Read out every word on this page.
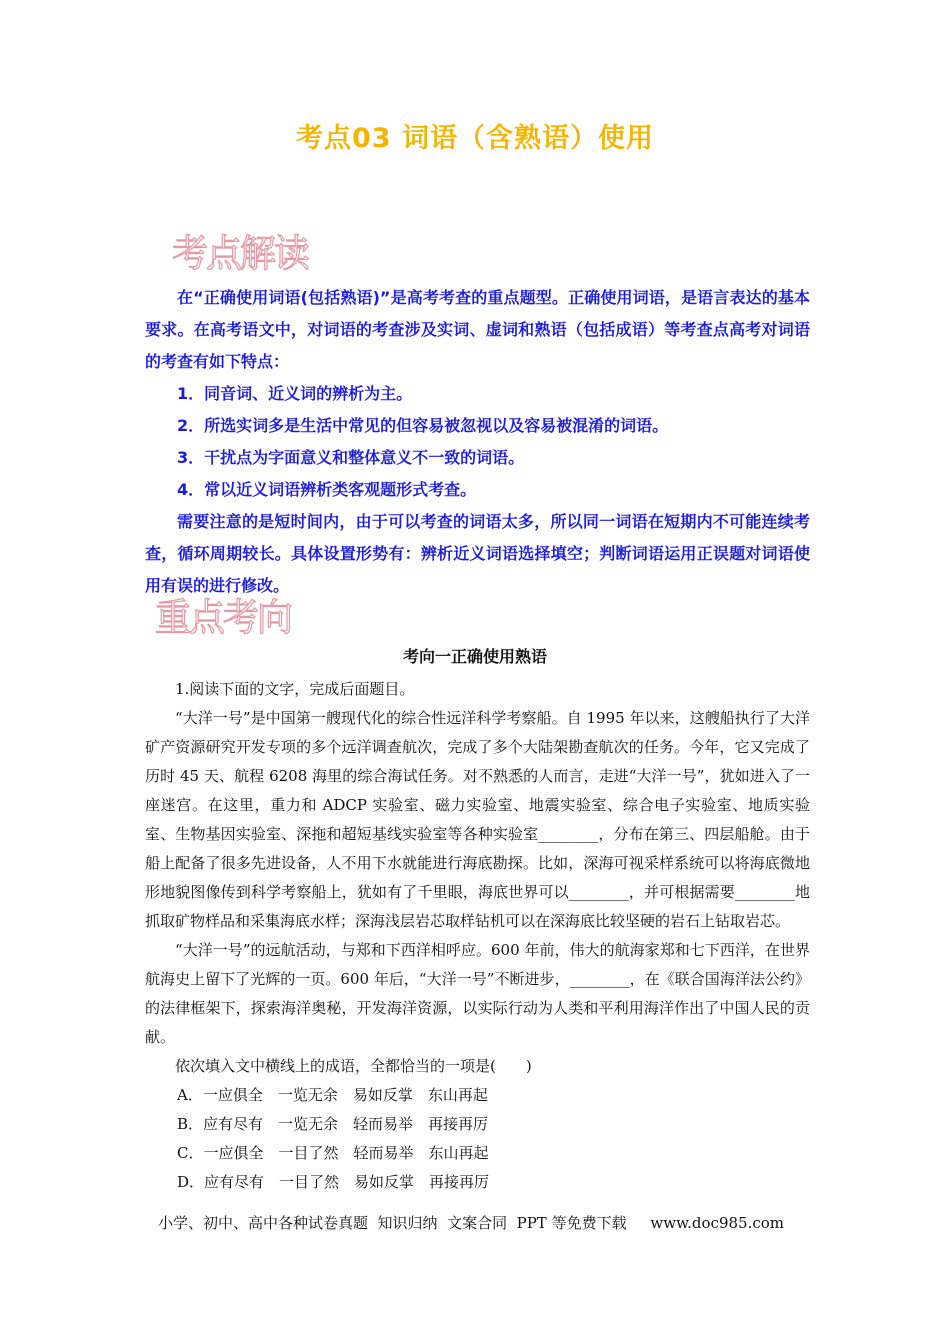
考点03 词语（含熟语）使用
考点解读

在“正确使用词语(包括熟语)”是高考考查的重点题型。正确使用词语，是语言表达的基本要求。在高考语文中，对词语的考查涉及实词、虚词和熟语（包括成语）等考查点高考对词语的考查有如下特点：

1．同音词、近义词的辨析为主。
2．所选实词多是生活中常见的但容易被忽视以及容易被混淆的词语。
3．干扰点为字面意义和整体意义不一致的词语。
4．常以近义词语辨析类客观题形式考查。

需要注意的是短时间内，由于可以考查的词语太多，所以同一词语在短期内不可能连续考查，循环周期较长。具体设置形势有：辨析近义词语选择填空；判断词语运用正误题对词语使用有误的进行修改。

重点考向
考向一正确使用熟语

1.阅读下面的文字，完成后面题目。

“大洋一号”是中国第一艘现代化的综合性远洋科学考察船。自 1995 年以来，这艘船执行了大洋矿产资源研究开发专项的多个远洋调查航次，完成了多个大陆架勘查航次的任务。今年，它又完成了历时 45 天、航程 6208 海里的综合海试任务。对不熟悉的人而言，走进“大洋一号”，犹如进入了一座迷宫。在这里，重力和 ADCP 实验室、磁力实验室、地震实验室、综合电子实验室、地质实验室、生物基因实验室、深拖和超短基线实验室等各种实验室________，分布在第三、四层船舱。由于船上配备了很多先进设备，人不用下水就能进行海底勘探。比如，深海可视采样系统可以将海底微地形地貌图像传到科学考察船上，犹如有了千里眼，海底世界可以________，并可根据需要________地抓取矿物样品和采集海底水样；深海浅层岩芯取样钻机可以在深海底比较坚硬的岩石上钻取岩芯。

“大洋一号”的远航活动，与郑和下西洋相呼应。600 年前，伟大的航海家郑和七下西洋，在世界航海史上留下了光辉的一页。600 年后，“大洋一号”不断进步，________，在《联合国海洋法公约》的法律框架下，探索海洋奥秘，开发海洋资源，以实际行动为人类和平利用海洋作出了中国人民的贡献。

依次填入文中横线上的成语，全都恰当的一项是(　　)

A．一应俱全　一览无余　易如反掌　东山再起
B．应有尽有　一览无余　轻而易举　再接再厉
C．一应俱全　一目了然　轻而易举　东山再起
D．应有尽有　一目了然　易如反掌　再接再厉
小学、初中、高中各种试卷真题  知识归纳  文案合同  PPT 等免费下载     www.doc985.com
